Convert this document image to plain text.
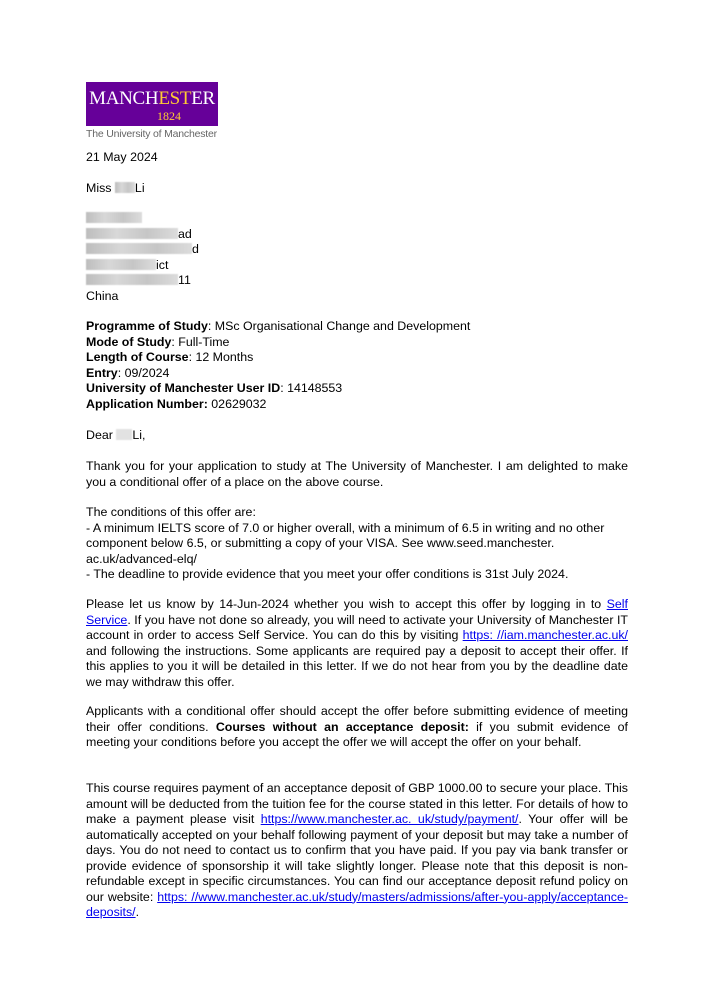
MANCHESTER
1824
The University of Manchester
21 May 2024
Miss Li
ad
d
ict
11
China
Programme of Study: MSc Organisational Change and Development
Mode of Study: Full-Time
Length of Course: 12 Months
Entry: 09/2024
University of Manchester User ID: 14148553
Application Number: 02629032
Dear Li,
Thank you for your application to study at The University of Manchester. I am delighted to make you a conditional offer of a place on the above course.
The conditions of this offer are:
- A minimum IELTS score of 7.0 or higher overall, with a minimum of 6.5 in writing and no other component below 6.5, or submitting a copy of your VISA. See www.seed.manchester. ac.uk/advanced-elq/
- The deadline to provide evidence that you meet your offer conditions is 31st July 2024.
Please let us know by 14-Jun-2024 whether you wish to accept this offer by logging in to Self Service. If you have not done so already, you will need to activate your University of Manchester IT account in order to access Self Service. You can do this by visiting https: //iam.manchester.ac.uk/ and following the instructions. Some applicants are required pay a deposit to accept their offer. If this applies to you it will be detailed in this letter. If we do not hear from you by the deadline date we may withdraw this offer.
Applicants with a conditional offer should accept the offer before submitting evidence of meeting their offer conditions. Courses without an acceptance deposit: if you submit evidence of meeting your conditions before you accept the offer we will accept the offer on your behalf.
This course requires payment of an acceptance deposit of GBP 1000.00 to secure your place. This amount will be deducted from the tuition fee for the course stated in this letter. For details of how to make a payment please visit https://www.manchester.ac. uk/study/payment/. Your offer will be automatically accepted on your behalf following payment of your deposit but may take a number of days. You do not need to contact us to confirm that you have paid. If you pay via bank transfer or provide evidence of sponsorship it will take slightly longer. Please note that this deposit is non-refundable except in specific circumstances. You can find our acceptance deposit refund policy on our website: https: //www.manchester.ac.uk/study/masters/admissions/after-you-apply/acceptance-deposits/.
